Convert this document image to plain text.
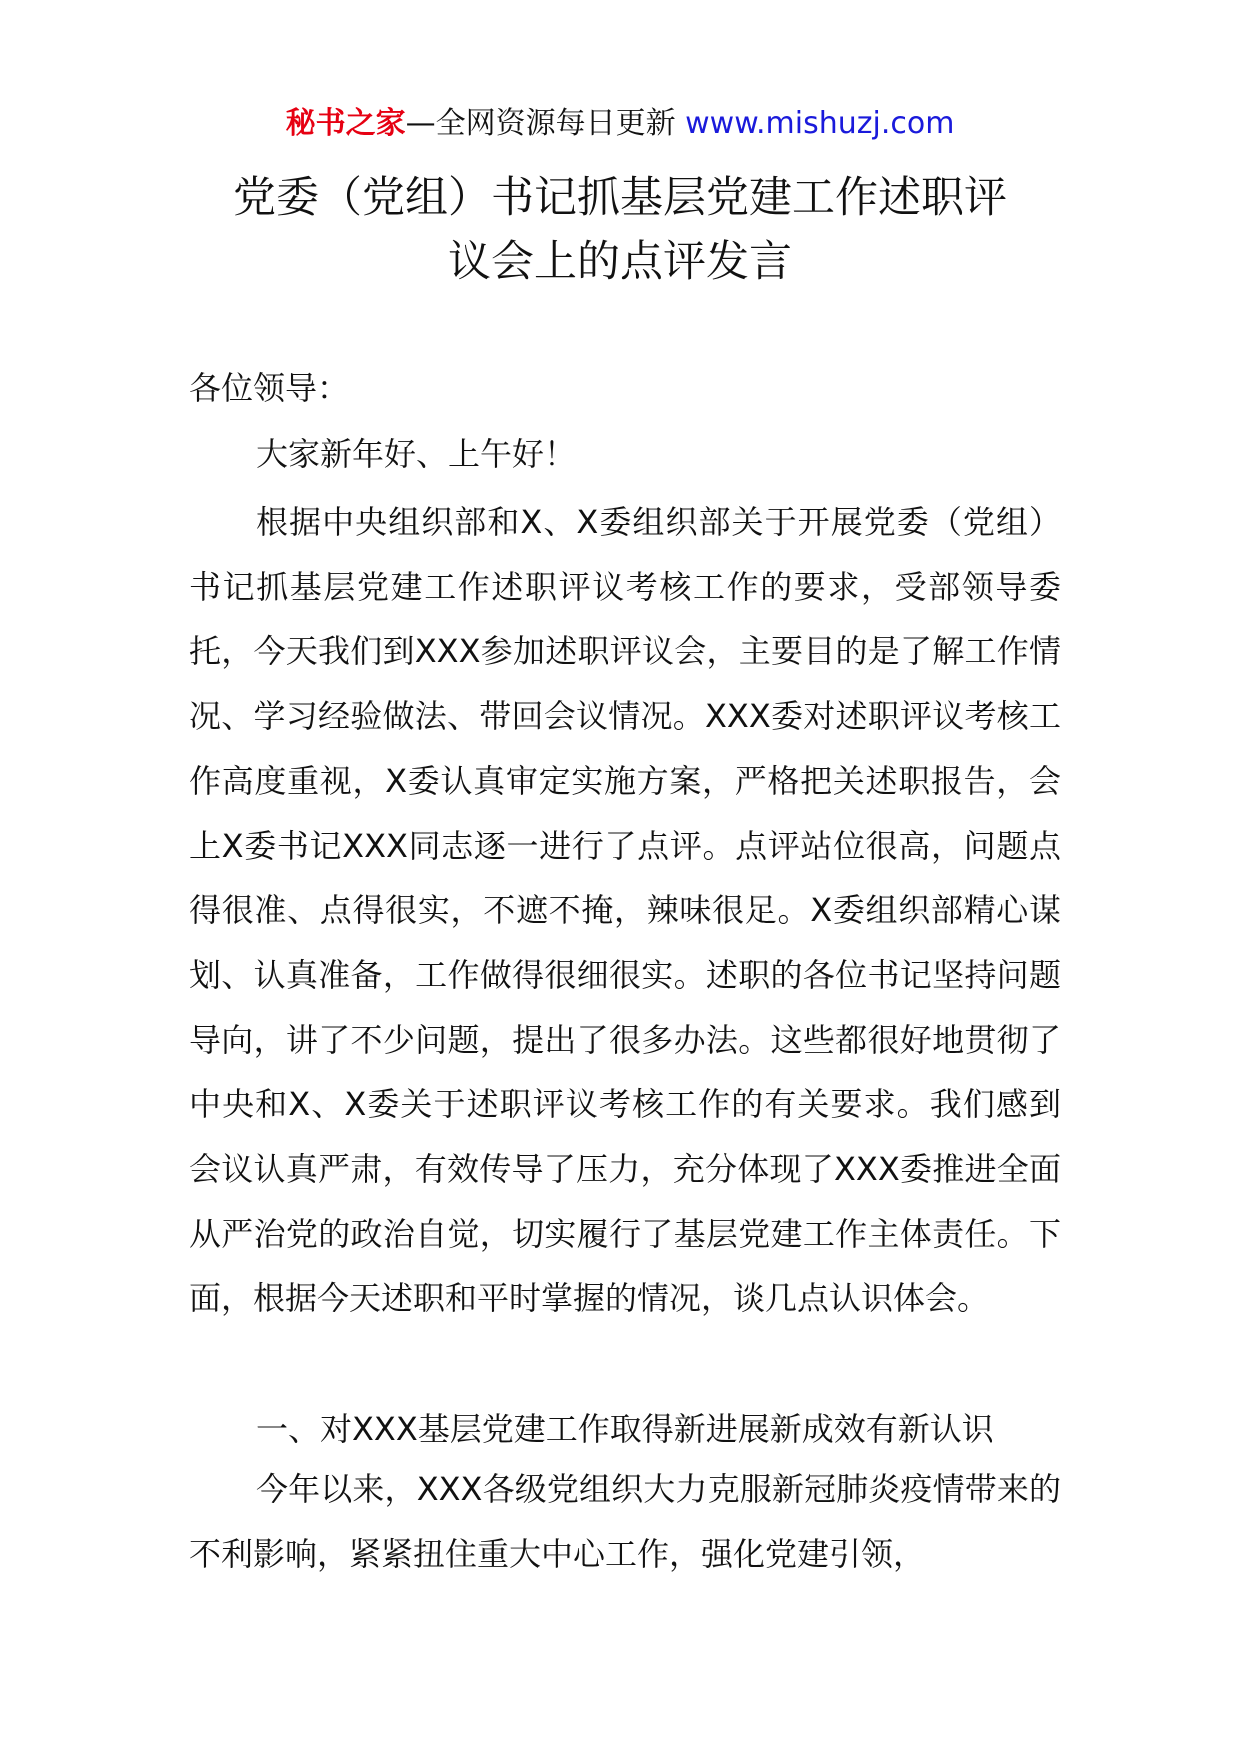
秘书之家—全网资源每日更新 www.mishuzj.com
党委（党组）书记抓基层党建工作述职评
议会上的点评发言
各位领导：
大家新年好、上午好！

根据中央组织部和X、X委组织部关于开展党委（党组）书记抓基层党建工作述职评议考核工作的要求，受部领导委托，今天我们到XXX参加述职评议会，主要目的是了解工作情况、学习经验做法、带回会议情况。XXX委对述职评议考核工作高度重视，X委认真审定实施方案，严格把关述职报告，会上X委书记XXX同志逐一进行了点评。点评站位很高，问题点得很准、点得很实，不遮不掩，辣味很足。X委组织部精心谋划、认真准备，工作做得很细很实。述职的各位书记坚持问题导向，讲了不少问题，提出了很多办法。这些都很好地贯彻了中央和X、X委关于述职评议考核工作的有关要求。我们感到会议认真严肃，有效传导了压力，充分体现了XXX委推进全面从严治党的政治自觉，切实履行了基层党建工作主体责任。下面，根据今天述职和平时掌握的情况，谈几点认识体会。

一、对XXX基层党建工作取得新进展新成效有新认识

今年以来，XXX各级党组织大力克服新冠肺炎疫情带来的不利影响，紧紧扭住重大中心工作，强化党建引领，
